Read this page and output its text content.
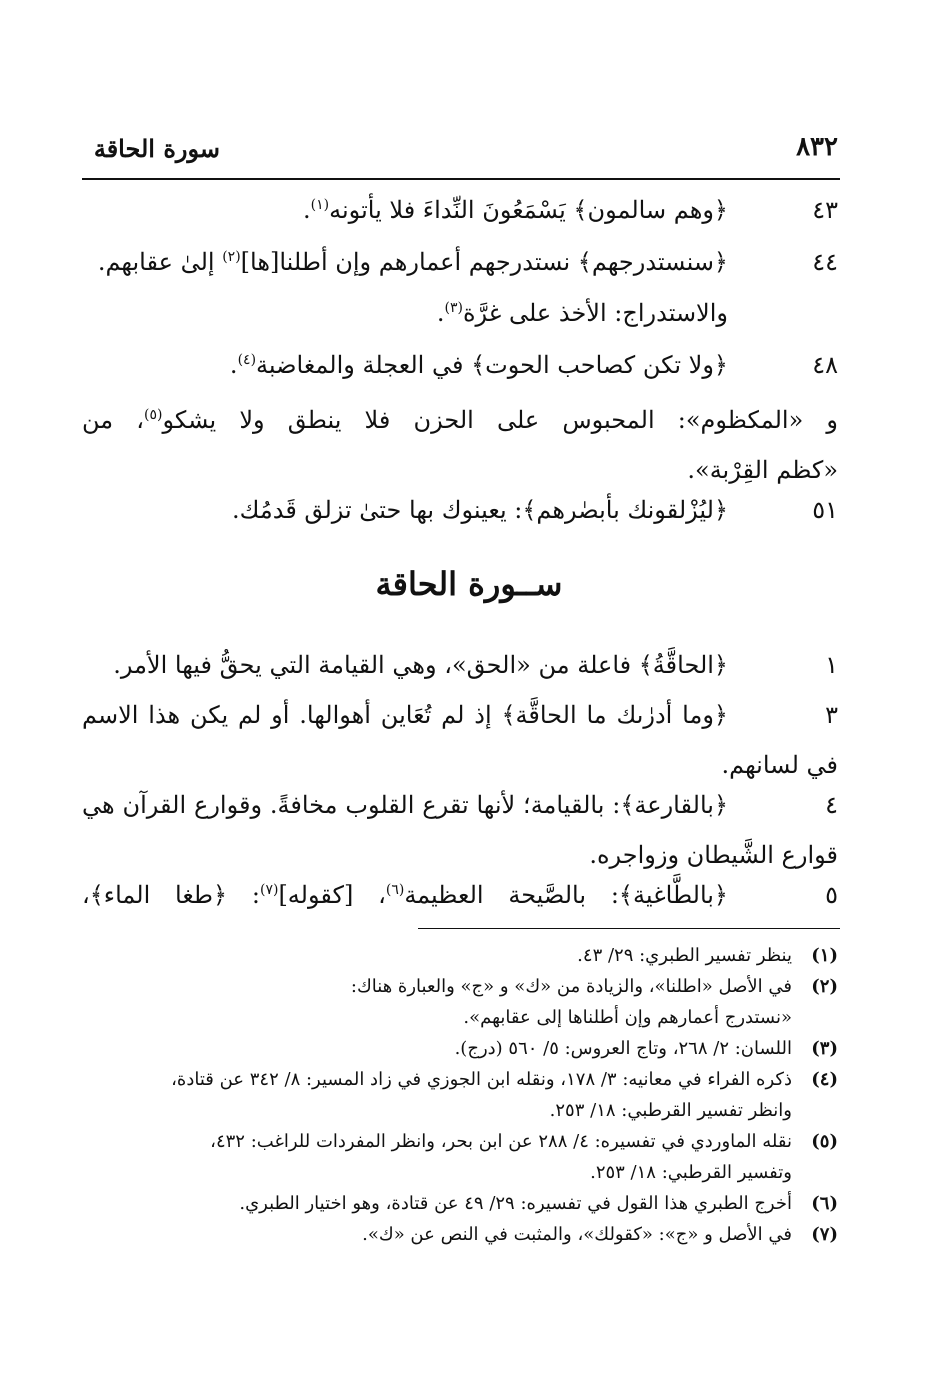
سورة الحاقة	٨٣٢
٤٣
﴿وهم سالمون﴾ يَسْمَعُونَ النِّداءَ فلا يأتونه$^{(١)}$.
٤٤
﴿سنستدرجهم﴾ نستدرجهم أعمارهم وإن أطلنا[ها]$^{(٢)}$ إلىٰ عقابهم.
والاستدراج: الأخذ على غرَّة$^{(٣)}$.
٤٨
﴿ولا تكن كصاحب الحوت﴾ في العجلة والمغاضبة$^{(٤)}$.
و «المكظوم»: المحبوس على الحزن فلا ينطق ولا يشكو$^{(٥)}$، من
«كظم القِرْبة».
٥١
﴿ليُزْلقونك بأبصٰرهم﴾: يعينوك بها حتىٰ تزلق قَدمُك.
ســورة الحاقة
١
﴿الحاقَّةُ﴾ فاعلة من «الحق»، وهي القيامة التي يحقُّ فيها الأمر.
٣
﴿وما أدرٰىك ما الحاقَّة﴾ إذ لم تُعَاين أهوالها. أو لم يكن هذا الاسم
في لسانهم.
٤
﴿بالقارعة﴾: بالقيامة؛ لأنها تقرع القلوب مخافةً. وقوارع القرآن هي
قوارع الشَّيطان وزواجره.
٥
﴿بالطَّاغية﴾: بالصَّيحة العظيمة$^{(٦)}$، [كقوله]$^{(٧)}$: ﴿طغا الماء﴾،
(١)
ينظر تفسير الطبري: ٢٩/ ٤٣.
(٢)
في الأصل «اطلنا»، والزيادة من «ك» و «ج» والعبارة هناك:
«نستدرج أعمارهم وإن أطلناها إلى عقابهم».
(٣)
اللسان: ٢/ ٢٦٨، وتاج العروس: ٥/ ٥٦٠ (درج).
(٤)
ذكره الفراء في معانيه: ٣/ ١٧٨، ونقله ابن الجوزي في زاد المسير: ٨/ ٣٤٢ عن قتادة،
وانظر تفسير القرطبي: ١٨/ ٢٥٣.
(٥)
نقله الماوردي في تفسيره: ٤/ ٢٨٨ عن ابن بحر، وانظر المفردات للراغب: ٤٣٢،
وتفسير القرطبي: ١٨/ ٢٥٣.
(٦)
أخرج الطبري هذا القول في تفسيره: ٢٩/ ٤٩ عن قتادة، وهو اختيار الطبري.
(٧)
في الأصل و «ج»: «كقولك»، والمثبت في النص عن «ك».
